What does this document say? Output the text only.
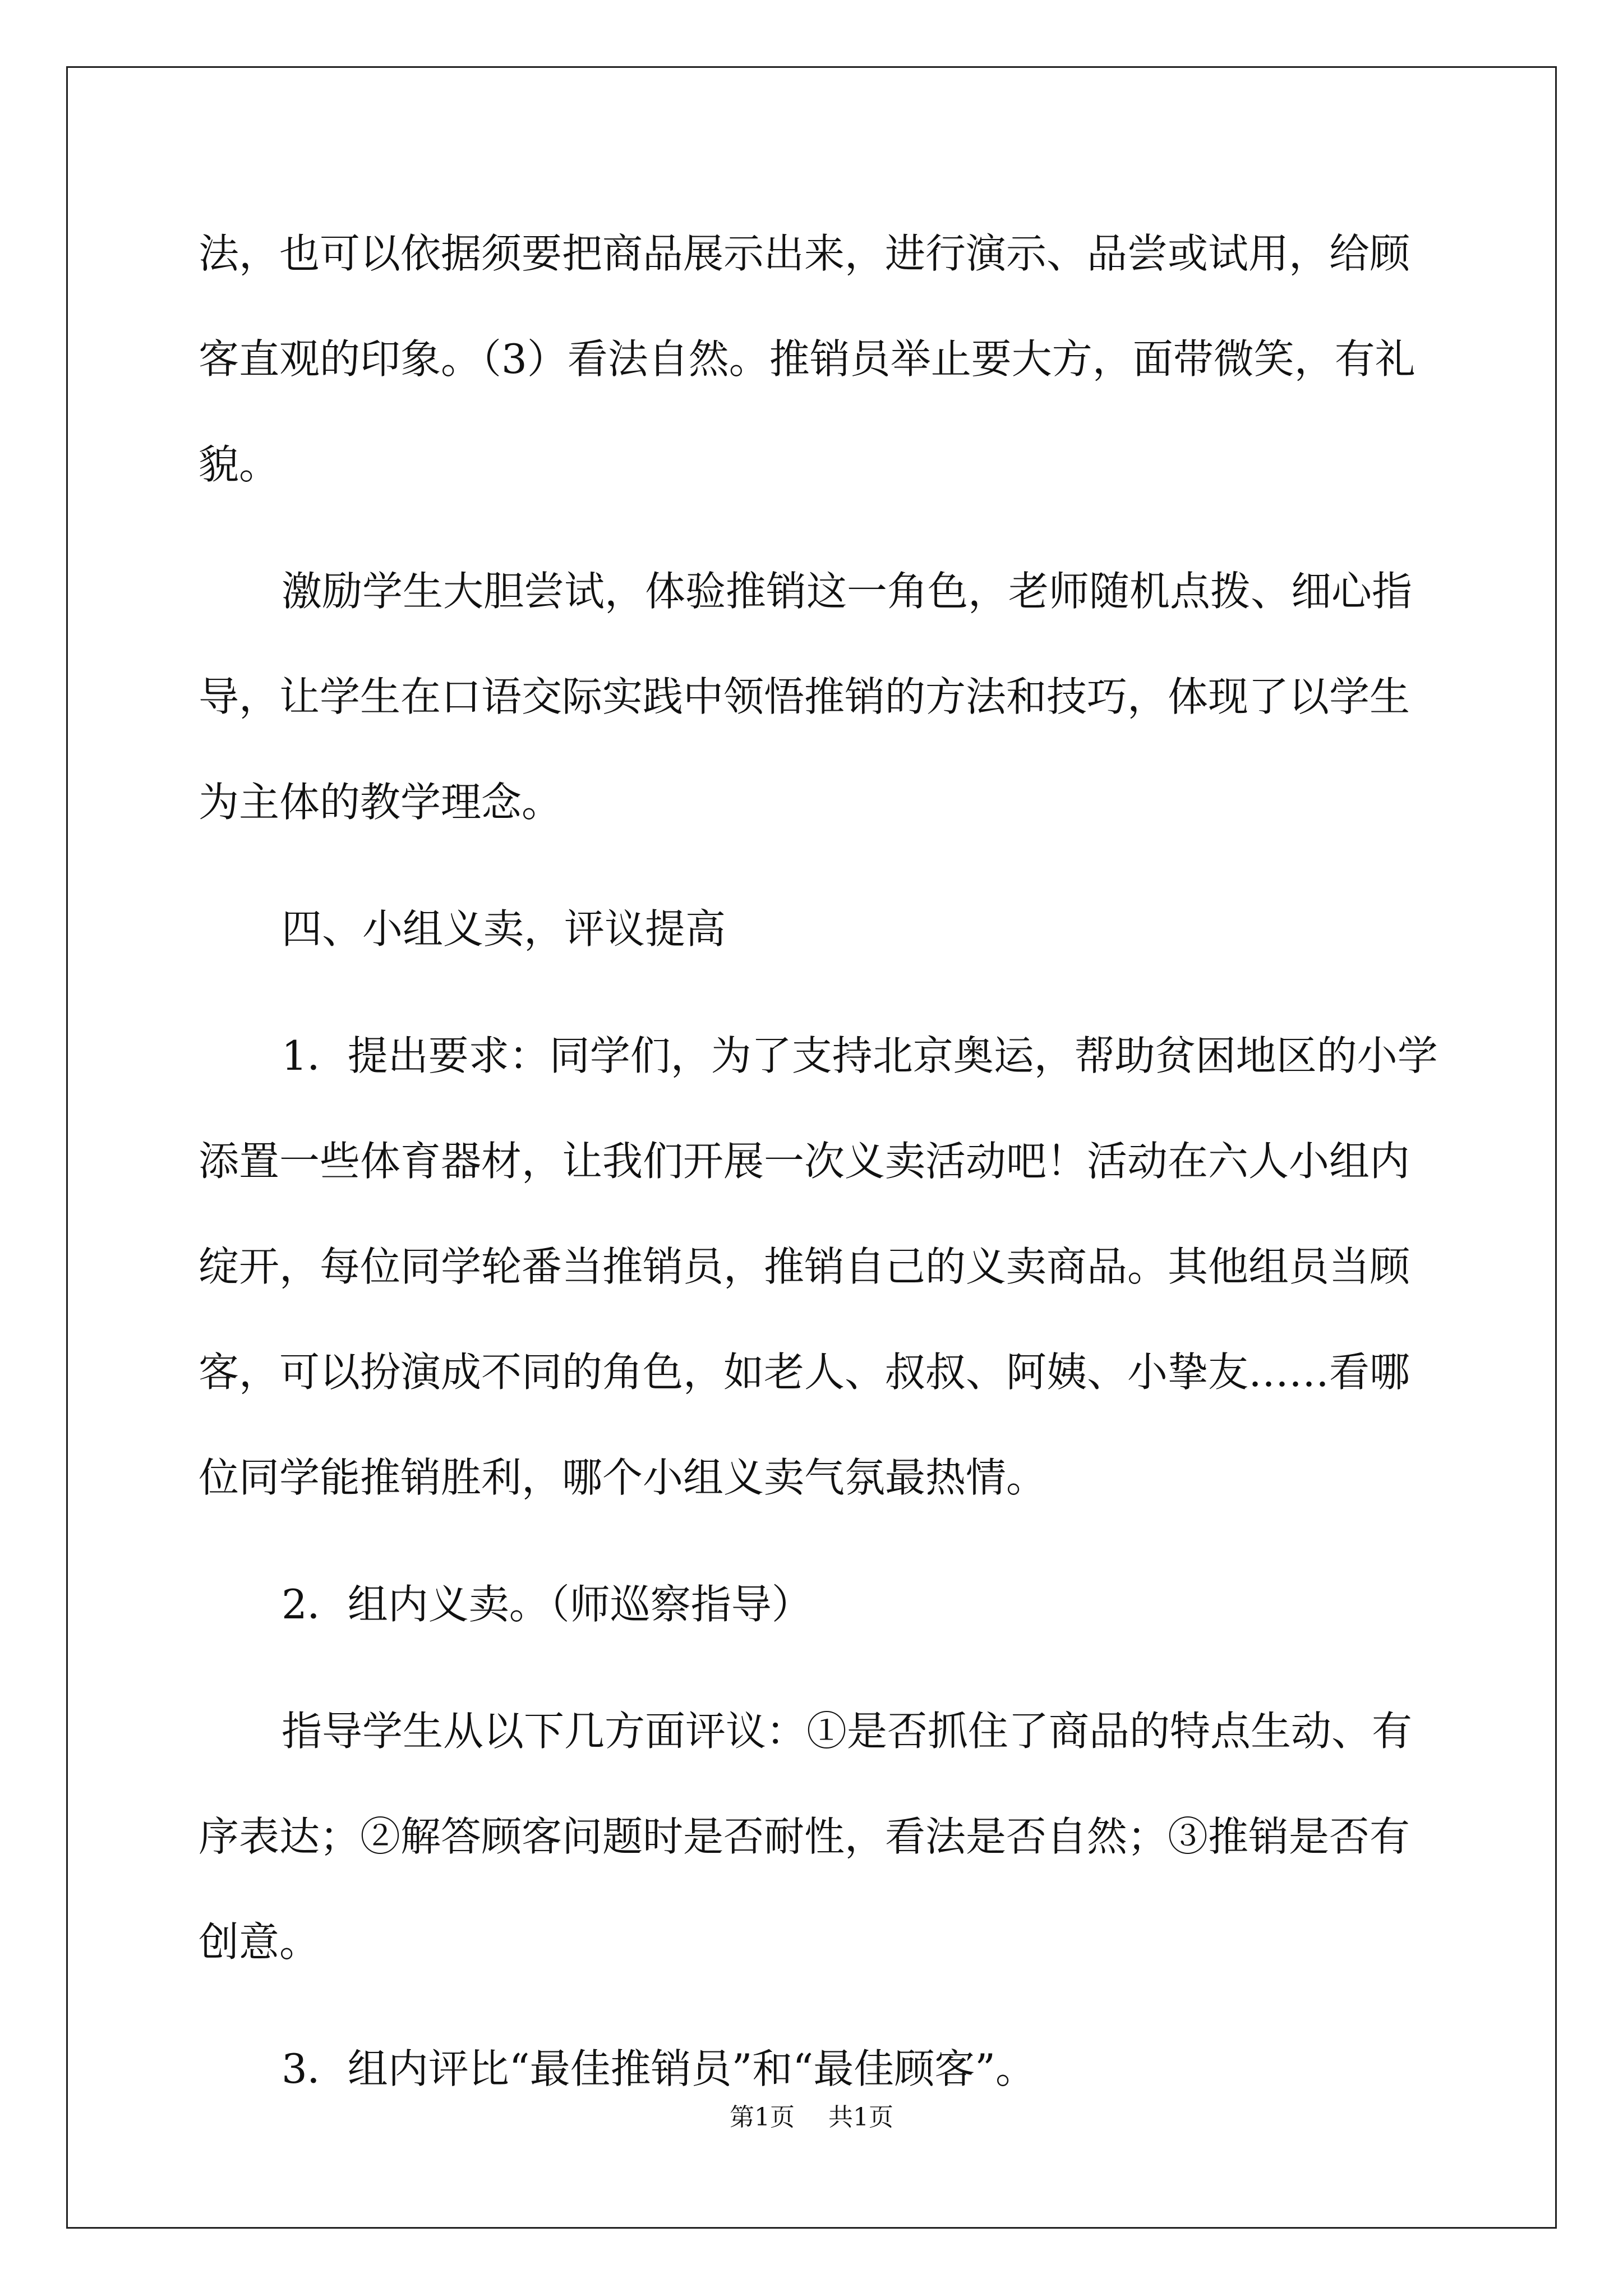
法，也可以依据须要把商品展示出来，进行演示、品尝或试用，给顾
客直观的印象。（3）看法自然。推销员举止要大方，面带微笑，有礼
貌。
激励学生大胆尝试，体验推销这一角色，老师随机点拨、细心指
导，让学生在口语交际实践中领悟推销的方法和技巧，体现了以学生
为主体的教学理念。
四、小组义卖，评议提高
1．提出要求：同学们，为了支持北京奥运，帮助贫困地区的小学
添置一些体育器材，让我们开展一次义卖活动吧！活动在六人小组内
绽开，每位同学轮番当推销员，推销自己的义卖商品。其他组员当顾
客，可以扮演成不同的角色，如老人、叔叔、阿姨、小挚友……看哪
位同学能推销胜利，哪个小组义卖气氛最热情。
2．组内义卖。（师巡察指导）
指导学生从以下几方面评议：①是否抓住了商品的特点生动、有
序表达；②解答顾客问题时是否耐性，看法是否自然；③推销是否有
创意。
3．组内评比“最佳推销员”和“最佳顾客”。
第1页 共1页
